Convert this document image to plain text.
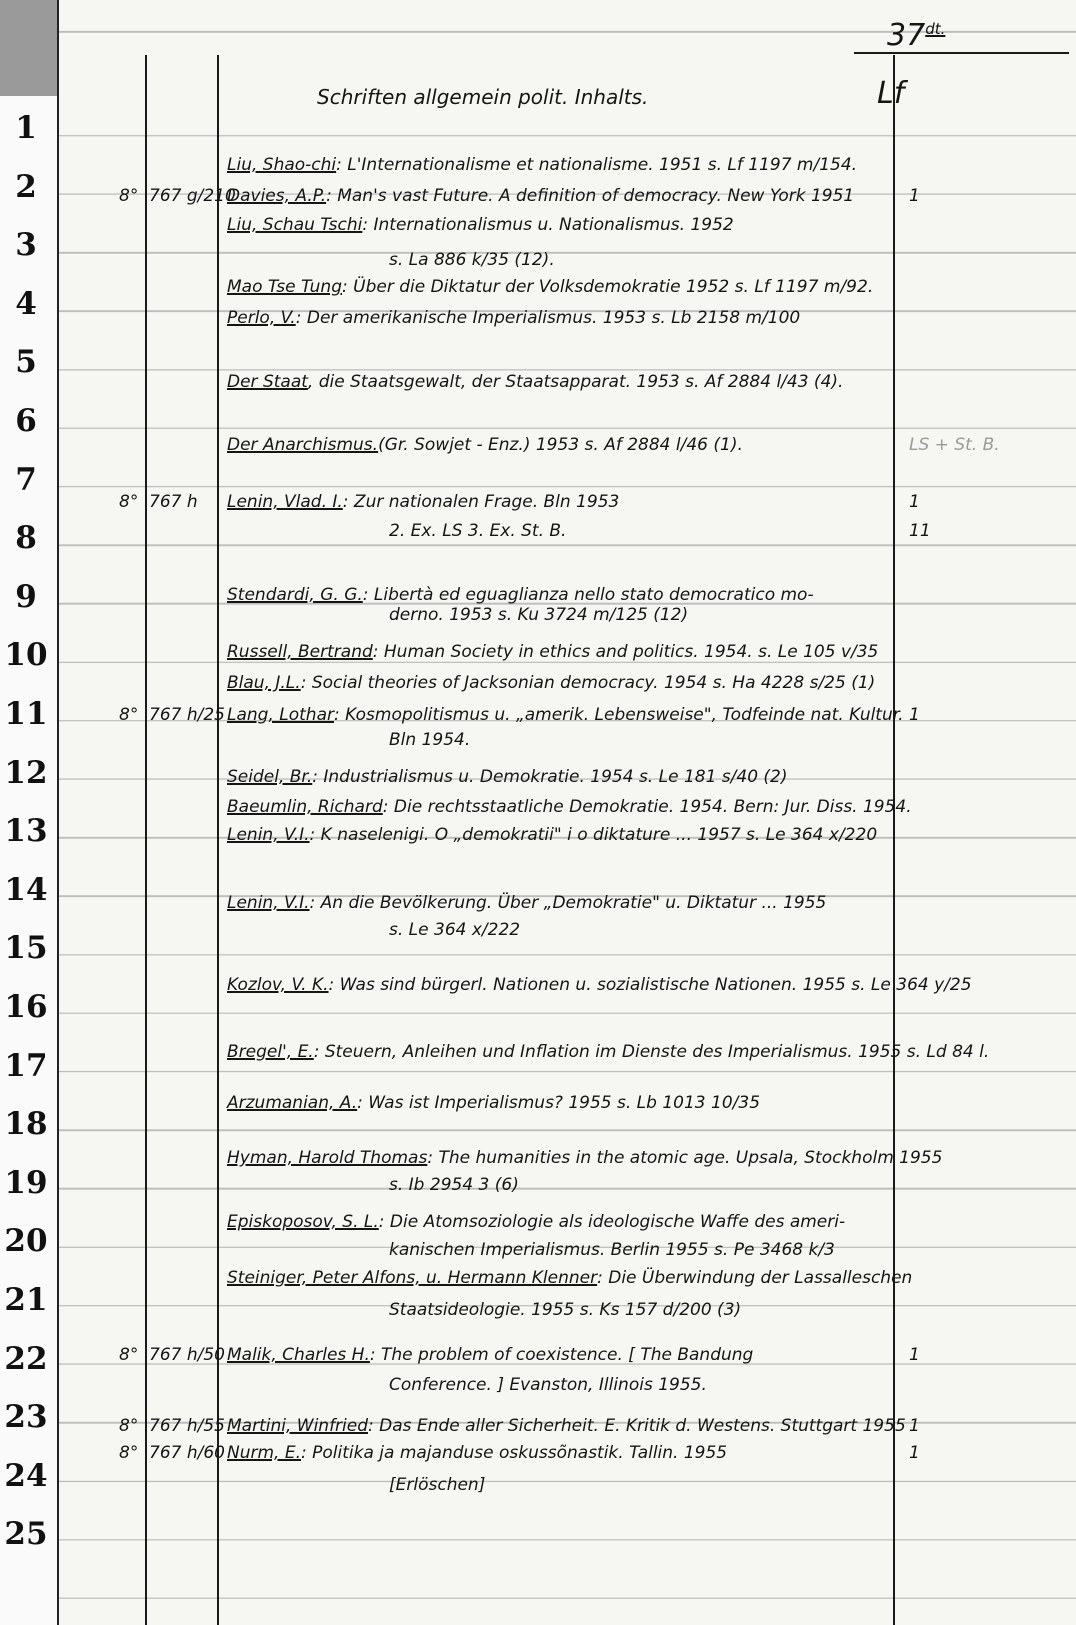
1
2
3
4
5
6
7
8
9
10
11
12
13
14
15
16
17
18
19
20
21
22
23
24
25
$37^{dt.}$
Schriften allgemein polit. Inhalts.	Lf
Liu, Shao-chi: L'Internationalisme et nationalisme. 1951 s. Lf 1197 m/154.
8° 767 g/210
Davies, A.P.: Man's vast Future. A definition of democracy. New York 1951	1
Liu, Schau Tschi: Internationalismus u. Nationalismus. 1952
s. La 886 k/35 (12).
Mao Tse Tung: Über die Diktatur der Volksdemokratie 1952 s. Lf 1197 m/92.
Perlo, V.: Der amerikanische Imperialismus. 1953 s. Lb 2158 m/100
Der Staat, die Staatsgewalt, der Staatsapparat. 1953 s. Af 2884 l/43 (4).
Der Anarchismus.(Gr. Sowjet - Enz.) 1953 s. Af 2884 l/46 (1).	LS + St. B.
8° 767 h Lenin, Vlad. I.: Zur nationalen Frage. Bln 1953	1
2. Ex. LS 3. Ex. St. B.	11
Stendardi, G. G.: Libertà ed eguaglianza nello stato democratico mo-
derno. 1953 s. Ku 3724 m/125 (12)
Russell, Bertrand: Human Society in ethics and politics. 1954. s. Le 105 v/35
Blau, J.L.: Social theories of Jacksonian democracy. 1954 s. Ha 4228 s/25 (1)
8° 767 h/25 Lang, Lothar: Kosmopolitismus u. „amerik. Lebensweise", Todfeinde nat. Kultur. 1
Bln 1954.
Seidel, Br.: Industrialismus u. Demokratie. 1954 s. Le 181 s/40 (2)
Baeumlin, Richard: Die rechtsstaatliche Demokratie. 1954. Bern: Jur. Diss. 1954.
Lenin, V.I.: K naselenigi. O „demokratii" i o diktature ... 1957 s. Le 364 x/220
Lenin, V.I.: An die Bevölkerung. Über „Demokratie" u. Diktatur ... 1955
s. Le 364 x/222
Kozlov, V. K.: Was sind bürgerl. Nationen u. sozialistische Nationen. 1955 s. Le 364 y/25
Bregel', E.: Steuern, Anleihen und Inflation im Dienste des Imperialismus. 1955 s. Ld 84 l.
Arzumanian, A.: Was ist Imperialismus? 1955 s. Lb 1013 10/35
Hyman, Harold Thomas: The humanities in the atomic age. Upsala, Stockholm 1955
s. Ib 2954 3 (6)
Episkoposov, S. L.: Die Atomsoziologie als ideologische Waffe des ameri-
kanischen Imperialismus. Berlin 1955 s. Pe 3468 k/3
Steiniger, Peter Alfons, u. Hermann Klenner: Die Überwindung der Lassalleschen
Staatsideologie. 1955 s. Ks 157 d/200 (3)
8° 767 h/50 Malik, Charles H.: The problem of coexistence. [ The Bandung	1
Conference. ] Evanston, Illinois 1955.
8° 767 h/55 Martini, Winfried: Das Ende aller Sicherheit. E. Kritik d. Westens. Stuttgart 1955 1
8° 767 h/60 Nurm, E.: Politika ja majanduse oskussõnastik. Tallin. 1955	1
[Erlöschen]
